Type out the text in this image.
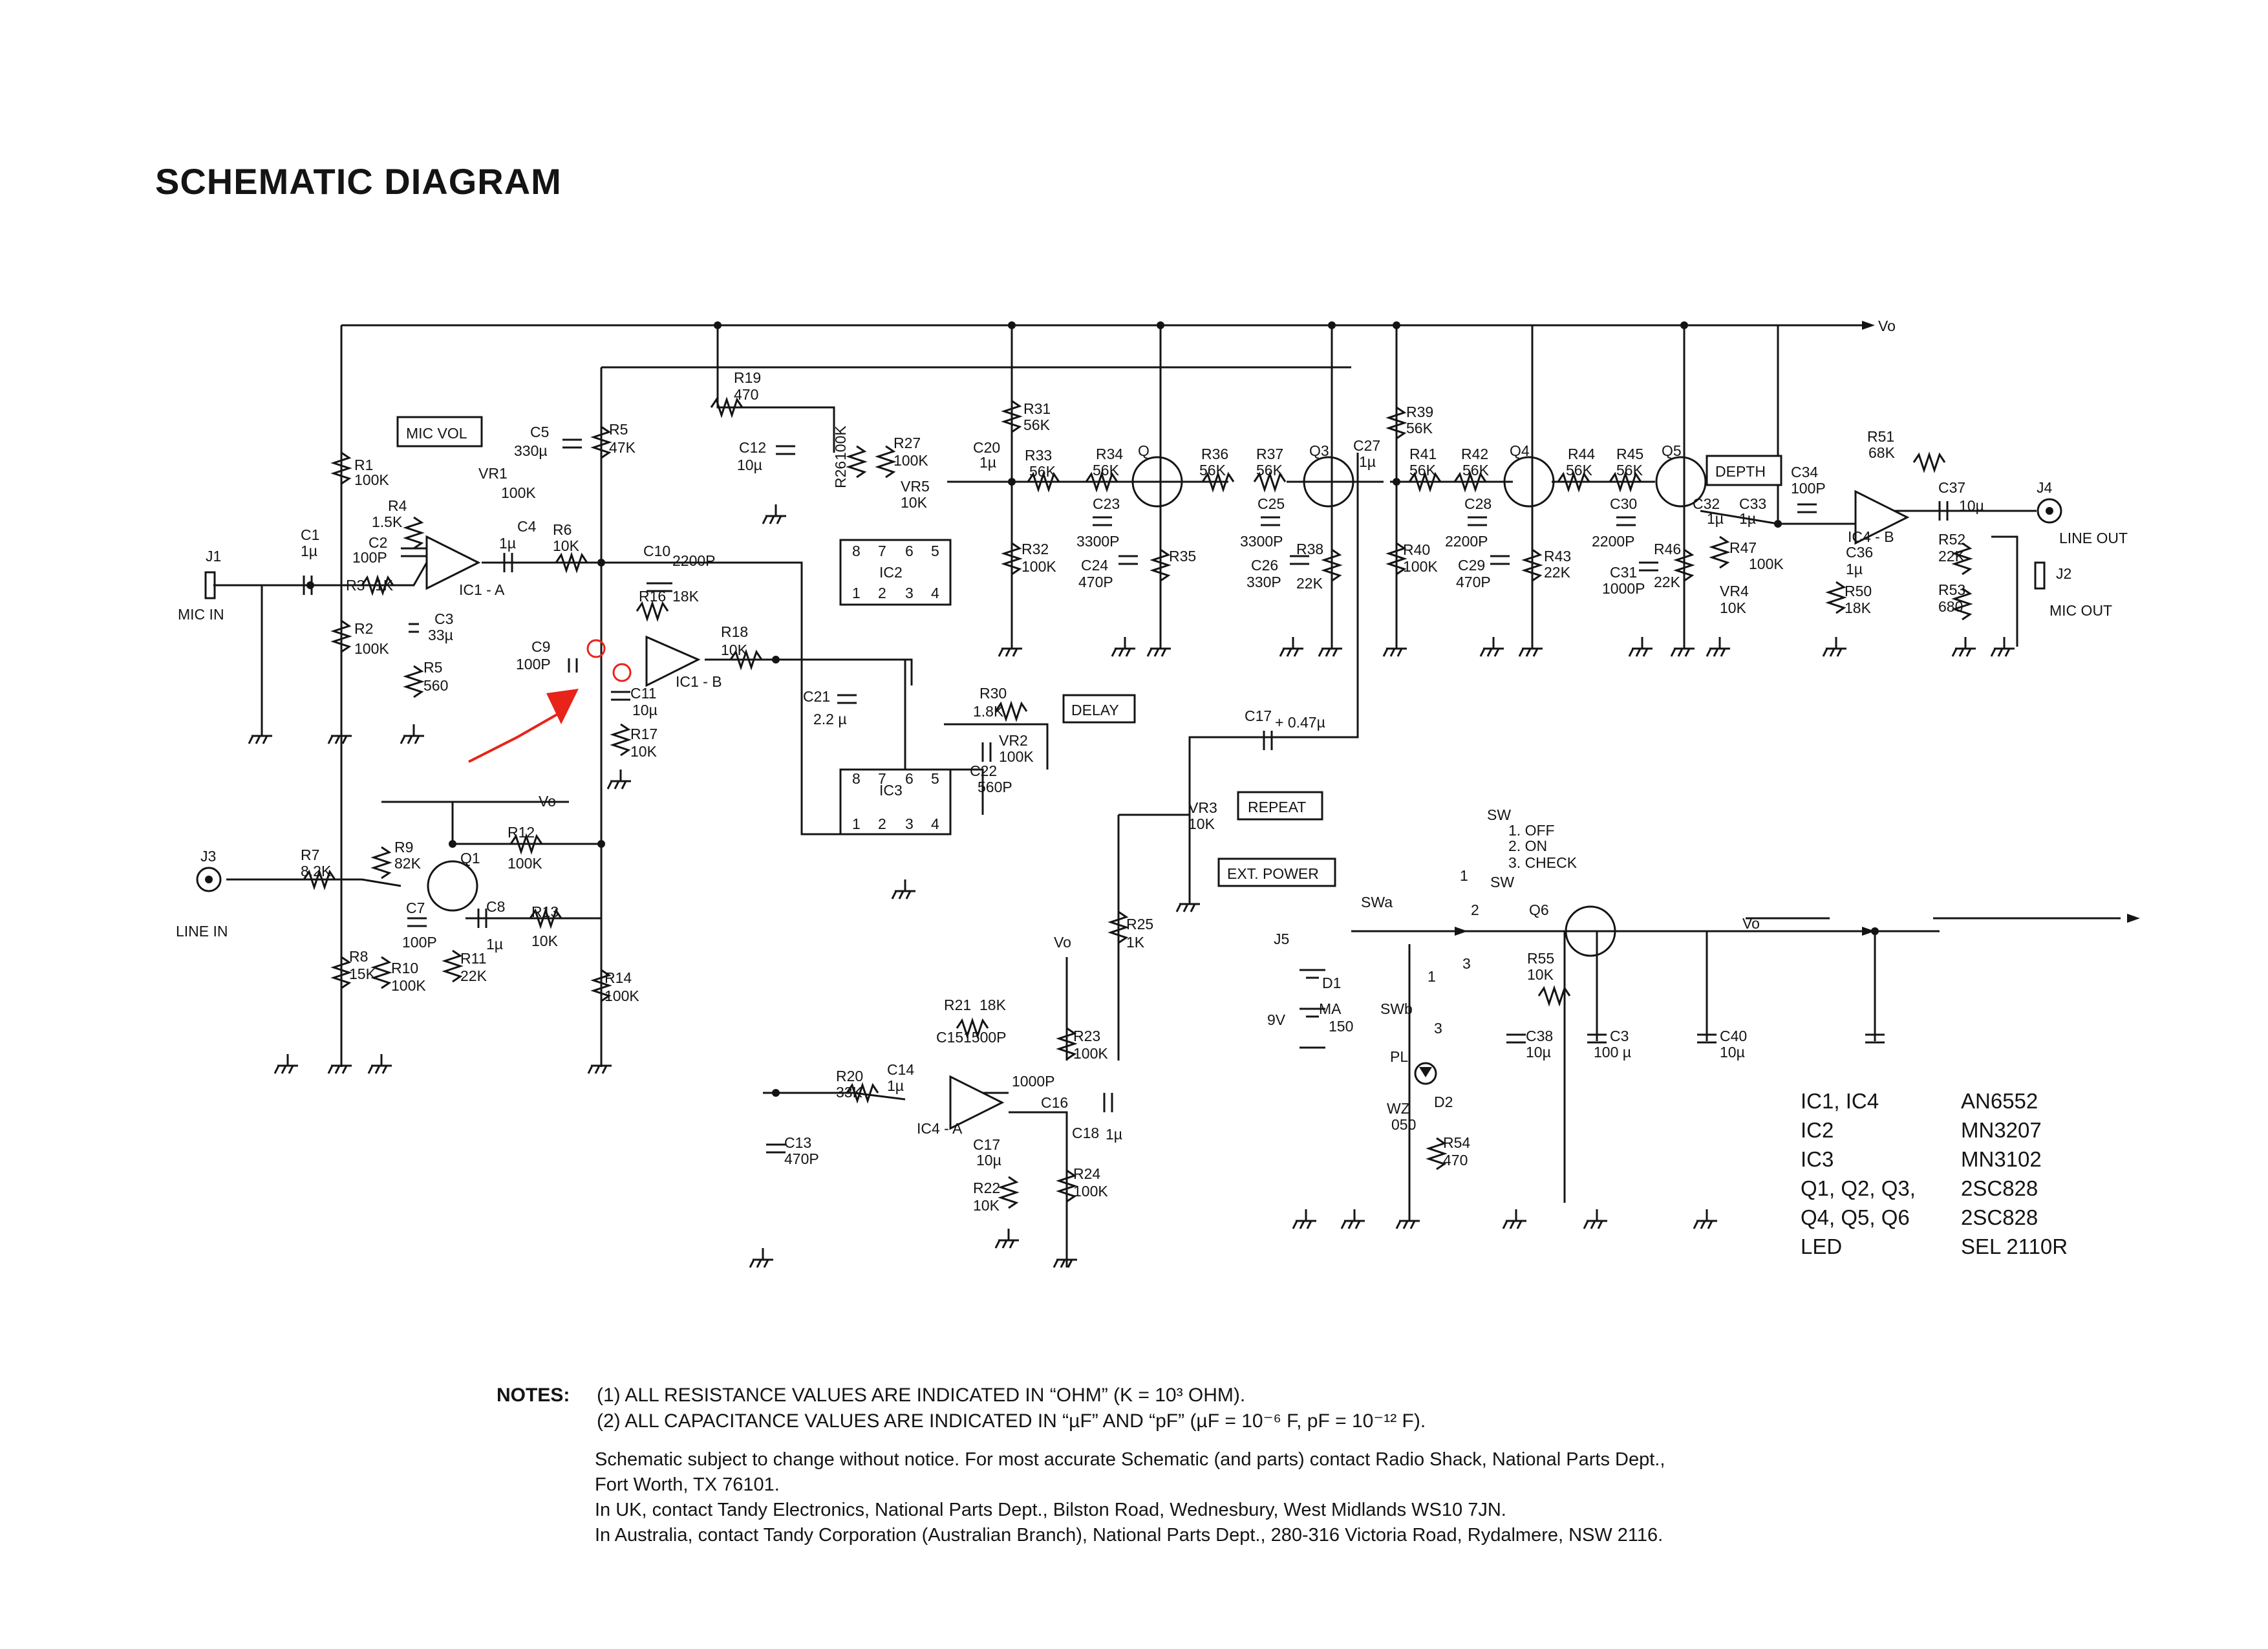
SCHEMATIC DIAGRAM
MIC VOL
DELAY
REPEAT
DEPTH
EXT. POWER
Vo
Vo
Vo
Vo
J1
MIC IN
J3
LINE IN
J4
LINE OUT
J2
MIC OUT
J5
IC1 - A
IC1 - B
IC2
IC3
IC4 - A
IC4 - B
8 7 6 5
1 2 3 4
8 7 6 5
1 2 3 4
R1
100K
R2
100K
R3 1K
R4
1.5K
R5
47K
R5
560
R6
10K
R7
8.2K
R8
15K
R9
82K
R10
100K
R11
22K
R12
100K
R13
10K
R14
100K
R16 18K
R17
10K
R18
10K
R19
470
R20
33K
R21 18K
R22
10K
R23
100K
R24
100K
R25
1K
R26
100K	R27
100K
R30
1.8K
R31
56K
R32
100K
R33
56K
R34
56K
R35
R36
56K
R37
56K
R38
22K
R39
56K
R40
100K
R41
56K
R42
56K
R43
22K
R44
56K
R45
56K
R46
22K
R47
100K
R50
18K
R51
68K
R52
22K
R53
680
R54
470
R55
10K
VR1
100K
VR2
100K
VR3
10K
VR4
10K
VR5
10K
C1
1µ	C2
100P
C3
33µ
C4
1µ
C5
330µ
C7
100P
C8
1µ
C9
100P
C10
2200P
C11
10µ
C12
10µ
C13
470P
C14
1µ
C15 1500P
C16
1000P
C17
10µ
C17 + 0.47µ
C18 1µ
C20
1µ
C21
2.2 µ
C22
560P
C23
3300P
C24
470P
C25
3300P
C26
330P
C27
1µ
C28
2200P
C29
470P
C30
2200P
C31
1000P
C32
1µ
C33
1µ
C34
100P
C36
1µ
C37
10µ
C38
10µ
C3
100 µ
C40
10µ
Q1
Q	Q3	Q4	Q5
Q6
9V
MA
150
D1
SWa
SWb
SW
1. OFF
2. ON
3. CHECK
SW
1
2
3
1
3
PL
WZ
050
D2	IC1, IC4	AN6552
IC2	MN3207
IC3	MN3102
Q1, Q2, Q3,	2SC828
Q4, Q5, Q6	2SC828
LED	SEL 2110R
NOTES:	(1) ALL RESISTANCE VALUES ARE INDICATED IN “OHM” (K = 10³ OHM).
(2) ALL CAPACITANCE VALUES ARE INDICATED IN “µF” AND “pF” (µF = 10⁻⁶ F, pF = 10⁻¹² F).
Schematic subject to change without notice. For most accurate Schematic (and parts) contact Radio Shack, National Parts Dept.,
Fort Worth, TX 76101.
In UK, contact Tandy Electronics, National Parts Dept., Bilston Road, Wednesbury, West Midlands WS10 7JN.
In Australia, contact Tandy Corporation (Australian Branch), National Parts Dept., 280-316 Victoria Road, Rydalmere, NSW 2116.
